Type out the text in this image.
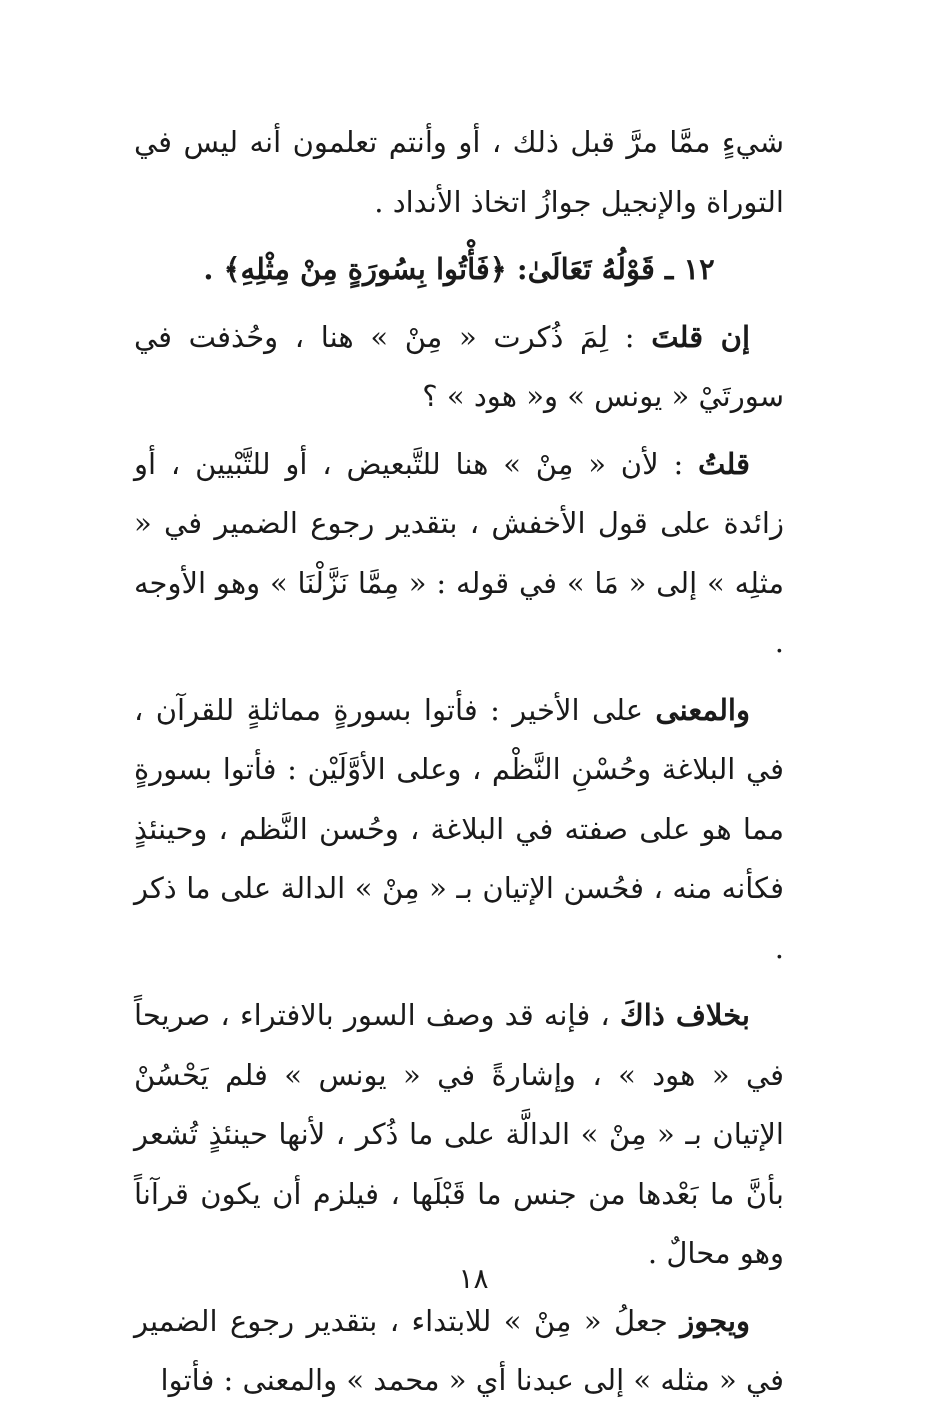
شيءٍ ممَّا مرَّ قبل ذلك ، أو وأنتم تعلمون أنه ليس في التوراة والإنجيل جوازُ اتخاذ الأنداد .

١٢ ـ قَوْلُهُ تَعَالَىٰ: ﴿فَأْتُوا بِسُورَةٍ مِنْ مِثْلِهِ﴾ .

إن قلتَ : لِمَ ذُكرت « مِنْ » هنا ، وحُذفت في سورتَيْ « يونس » و« هود » ؟

قلتُ : لأن « مِنْ » هنا للتَّبعيض ، أو للتَّبْيين ، أو زائدة على قول الأخفش ، بتقدير رجوع الضمير في « مثلِه » إلى « مَا » في قوله : « مِمَّا نَزَّلْنَا » وهو الأوجه .

والمعنى على الأخير : فأتوا بسورةٍ مماثلةٍ للقرآن ، في البلاغة وحُسْنِ النَّظْم ، وعلى الأوَّلَيْن : فأتوا بسورةٍ مما هو على صفته في البلاغة ، وحُسن النَّظم ، وحينئذٍ فكأنه منه ، فحُسن الإتيان بـ « مِنْ » الدالة على ما ذكر .

بخلاف ذاكَ ، فإنه قد وصف السور بالافتراء ، صريحاً في « هود » ، وإشارةً في « يونس » فلم يَحْسُنْ الإتيان بـ « مِنْ » الدالَّة على ما ذُكر ، لأنها حينئذٍ تُشعر بأنَّ ما بَعْدها من جنس ما قَبْلَها ، فيلزم أن يكون قرآناً وهو محالٌ .

ويجوز جعلُ « مِنْ » للابتداء ، بتقدير رجوع الضمير في « مثله » إلى عبدنا أي « محمد » والمعنى : فأتوا

١٨
